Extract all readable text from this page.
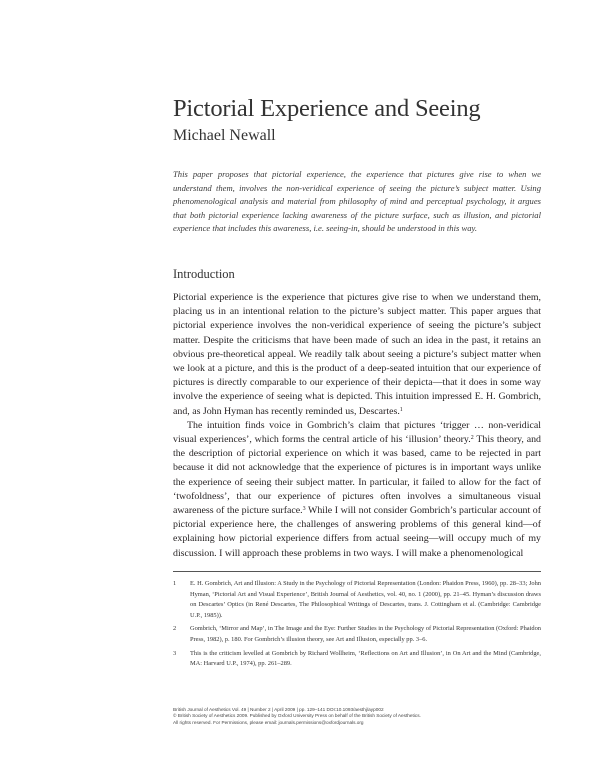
Pictorial Experience and Seeing
Michael Newall

This paper proposes that pictorial experience, the experience that pictures give rise to when we understand them, involves the non-veridical experience of seeing the picture’s subject matter. Using phenomenological analysis and material from philosophy of mind and perceptual psychology, it argues that both pictorial experience lacking awareness of the picture surface, such as illusion, and pictorial experience that includes this awareness, i.e. seeing-in, should be understood in this way.

Introduction

Pictorial experience is the experience that pictures give rise to when we understand them, placing us in an intentional relation to the picture’s subject matter. This paper argues that pictorial experience involves the non-veridical experience of seeing the picture’s subject matter. Despite the criticisms that have been made of such an idea in the past, it retains an obvious pre-theoretical appeal. We readily talk about seeing a picture’s subject matter when we look at a picture, and this is the product of a deep-seated intuition that our experience of pictures is directly comparable to our experience of their depicta—that it does in some way involve the experience of seeing what is depicted. This intuition impressed E. H. Gombrich, and, as John Hyman has recently reminded us, Descartes.$^1$

The intuition finds voice in Gombrich’s claim that pictures ‘trigger … non-veridical visual experiences’, which forms the central article of his ‘illusion’ theory.$^2$ This theory, and the description of pictorial experience on which it was based, came to be rejected in part because it did not acknowledge that the experience of pictures is in important ways unlike the experience of seeing their subject matter. In particular, it failed to allow for the fact of ‘twofoldness’, that our experience of pictures often involves a simultaneous visual awareness of the picture surface.$^3$ While I will not consider Gombrich’s particular account of pictorial experience here, the challenges of answering problems of this general kind—of explaining how pictorial experience differs from actual seeing—will occupy much of my discussion. I will approach these problems in two ways. I will make a phenomenological

1 E. H. Gombrich, Art and Illusion: A Study in the Psychology of Pictorial Representation (London: Phaidon Press, 1960), pp. 28–33; John Hyman, ‘Pictorial Art and Visual Experience’, British Journal of Aesthetics, vol. 40, no. 1 (2000), pp. 21–45. Hyman’s discussion draws on Descartes’ Optics (in René Descartes, The Philosophical Writings of Descartes, trans. J. Cottingham et al. (Cambridge: Cambridge U.P., 1985)).
2 Gombrich, ‘Mirror and Map’, in The Image and the Eye: Further Studies in the Psychology of Pictorial Representation (Oxford: Phaidon Press, 1982), p. 180. For Gombrich’s illusion theory, see Art and Illusion, especially pp. 3–6.
3 This is the criticism levelled at Gombrich by Richard Wollheim, ‘Reflections on Art and Illusion’, in On Art and the Mind (Cambridge, MA: Harvard U.P., 1974), pp. 261–289.
British Journal of Aesthetics Vol. 49 | Number 2 | April 2009 | pp. 129–141 DOI:10.1093/aesthj/ayp002
© British Society of Aesthetics 2009. Published by Oxford University Press on behalf of the British Society of Aesthetics.
All rights reserved. For Permissions, please email: journals.permissions@oxfordjournals.org
